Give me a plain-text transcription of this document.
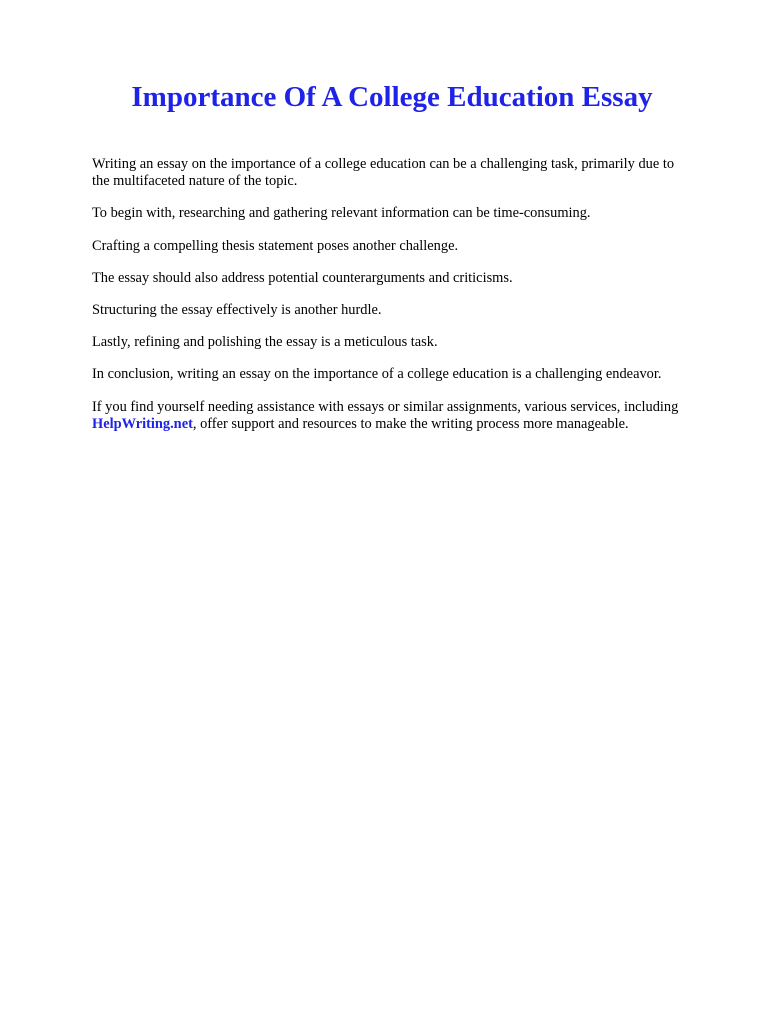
Importance Of A College Education Essay

Writing an essay on the importance of a college education can be a challenging task, primarily due to the multifaceted nature of the topic.

To begin with, researching and gathering relevant information can be time-consuming.

Crafting a compelling thesis statement poses another challenge.

The essay should also address potential counterarguments and criticisms.

Structuring the essay effectively is another hurdle.

Lastly, refining and polishing the essay is a meticulous task.

In conclusion, writing an essay on the importance of a college education is a challenging endeavor.

If you find yourself needing assistance with essays or similar assignments, various services, including HelpWriting.net, offer support and resources to make the writing process more manageable.
